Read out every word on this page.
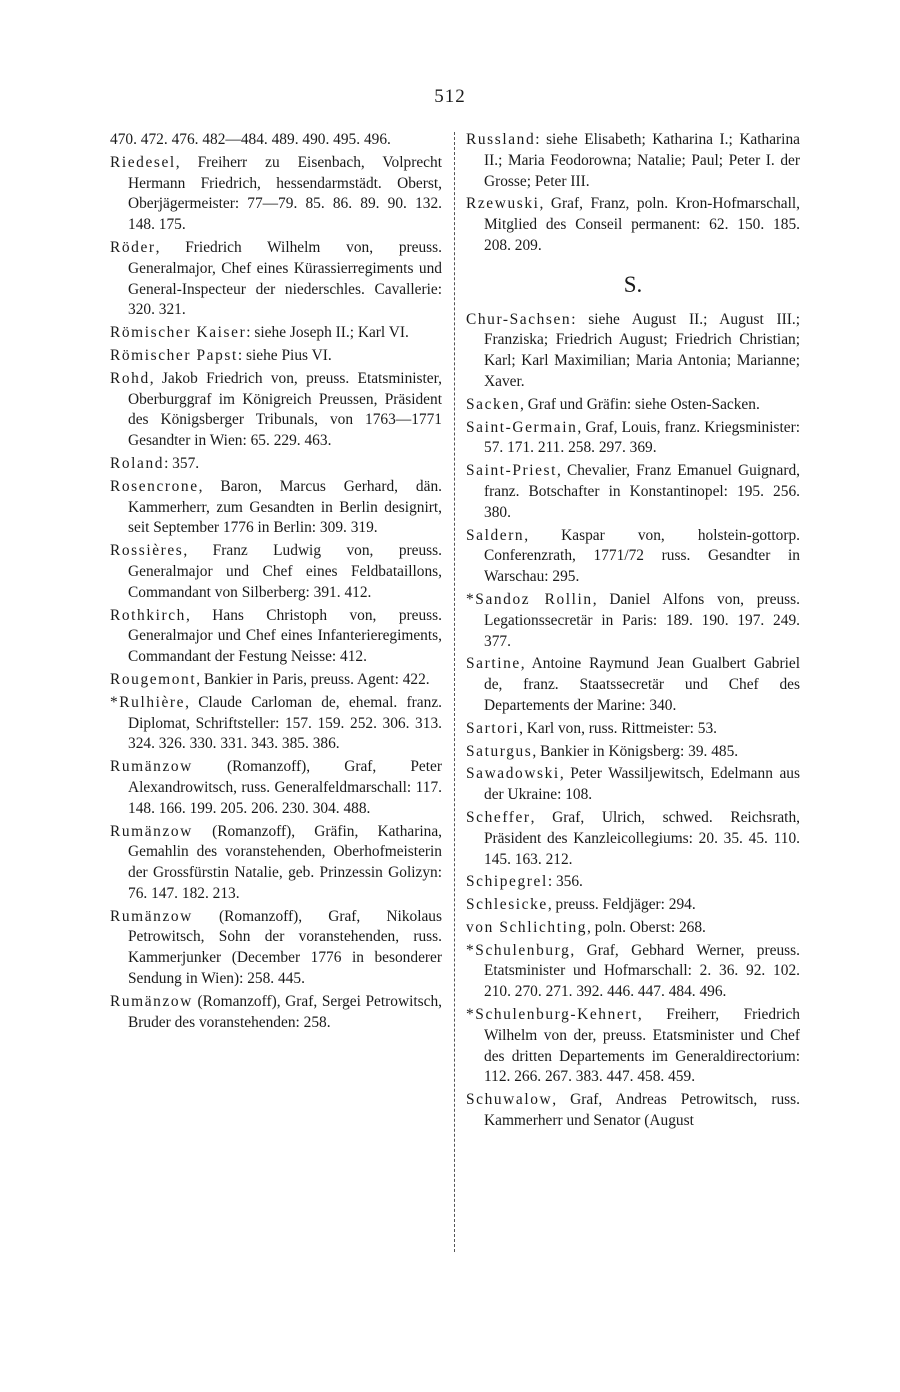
512
470. 472. 476. 482—484. 489. 490. 495. 496.
Riedesel, Freiherr zu Eisenbach, Volprecht Hermann Friedrich, hessendarmstädt. Oberst, Oberjägermeister: 77—79. 85. 86. 89. 90. 132. 148. 175.
Röder, Friedrich Wilhelm von, preuss. Generalmajor, Chef eines Kürassierregiments und General-Inspecteur der niederschles. Cavallerie: 320. 321.
Römischer Kaiser: siehe Joseph II.; Karl VI.
Römischer Papst: siehe Pius VI.
Rohd, Jakob Friedrich von, preuss. Etatsminister, Oberburggraf im Königreich Preussen, Präsident des Königsberger Tribunals, von 1763—1771 Gesandter in Wien: 65. 229. 463.
Roland: 357.
Rosencrone, Baron, Marcus Gerhard, dän. Kammerherr, zum Gesandten in Berlin designirt, seit September 1776 in Berlin: 309. 319.
Rossières, Franz Ludwig von, preuss. Generalmajor und Chef eines Feldbataillons, Commandant von Silberberg: 391. 412.
Rothkirch, Hans Christoph von, preuss. Generalmajor und Chef eines Infanterieregiments, Commandant der Festung Neisse: 412.
Rougemont, Bankier in Paris, preuss. Agent: 422.
*Rulhière, Claude Carloman de, ehemal. franz. Diplomat, Schriftsteller: 157. 159. 252. 306. 313. 324. 326. 330. 331. 343. 385. 386.
Rumänzow (Romanzoff), Graf, Peter Alexandrowitsch, russ. Generalfeldmarschall: 117. 148. 166. 199. 205. 206. 230. 304. 488.
Rumänzow (Romanzoff), Gräfin, Katharina, Gemahlin des voranstehenden, Oberhofmeisterin der Grossfürstin Natalie, geb. Prinzessin Golizyn: 76. 147. 182. 213.
Rumänzow (Romanzoff), Graf, Nikolaus Petrowitsch, Sohn der voranstehenden, russ. Kammerjunker (December 1776 in besonderer Sendung in Wien): 258. 445.
Rumänzow (Romanzoff), Graf, Sergei Petrowitsch, Bruder des voranstehenden: 258.
Russland: siehe Elisabeth; Katharina I.; Katharina II.; Maria Feodorowna; Natalie; Paul; Peter I. der Grosse; Peter III.
Rzewuski, Graf, Franz, poln. Kron-Hofmarschall, Mitglied des Conseil permanent: 62. 150. 185. 208. 209.
S.
Chur-Sachsen: siehe August II.; August III.; Franziska; Friedrich August; Friedrich Christian; Karl; Karl Maximilian; Maria Antonia; Marianne; Xaver.
Sacken, Graf und Gräfin: siehe Osten-Sacken.
Saint-Germain, Graf, Louis, franz. Kriegsminister: 57. 171. 211. 258. 297. 369.
Saint-Priest, Chevalier, Franz Emanuel Guignard, franz. Botschafter in Konstantinopel: 195. 256. 380.
Saldern, Kaspar von, holstein-gottorp. Conferenzrath, 1771/72 russ. Gesandter in Warschau: 295.
*Sandoz Rollin, Daniel Alfons von, preuss. Legationssecretär in Paris: 189. 190. 197. 249. 377.
Sartine, Antoine Raymund Jean Gualbert Gabriel de, franz. Staatssecretär und Chef des Departements der Marine: 340.
Sartori, Karl von, russ. Rittmeister: 53.
Saturgus, Bankier in Königsberg: 39. 485.
Sawadowski, Peter Wassiljewitsch, Edelmann aus der Ukraine: 108.
Scheffer, Graf, Ulrich, schwed. Reichsrath, Präsident des Kanzleicollegiums: 20. 35. 45. 110. 145. 163. 212.
Schipegrel: 356.
Schlesicke, preuss. Feldjäger: 294.
von Schlichting, poln. Oberst: 268.
*Schulenburg, Graf, Gebhard Werner, preuss. Etatsminister und Hofmarschall: 2. 36. 92. 102. 210. 270. 271. 392. 446. 447. 484. 496.
*Schulenburg-Kehnert, Freiherr, Friedrich Wilhelm von der, preuss. Etatsminister und Chef des dritten Departements im Generaldirectorium: 112. 266. 267. 383. 447. 458. 459.
Schuwalow, Graf, Andreas Petrowitsch, russ. Kammerherr und Senator (August
